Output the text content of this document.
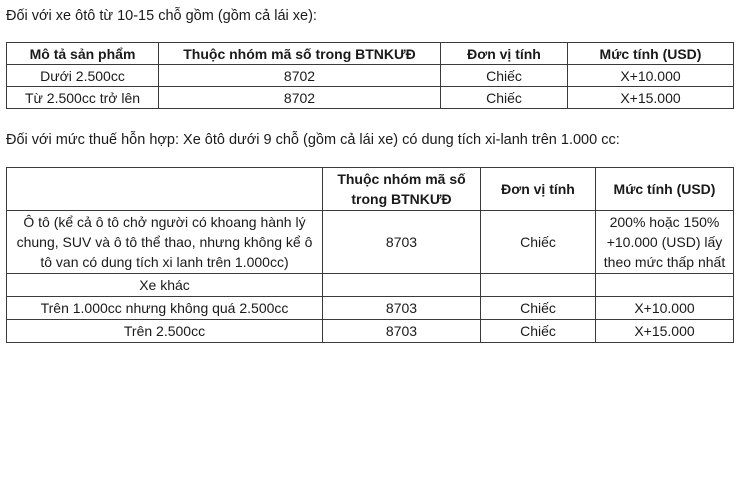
Đối với xe ôtô từ 10-15 chỗ gồm (gồm cả lái xe):
Mô tả sản phẩm	Thuộc nhóm mã số trong BTNKƯĐ	Đơn vị tính	Mức tính (USD)
Dưới 2.500cc	8702	Chiếc	X+10.000
Từ 2.500cc trở lên	8702	Chiếc	X+15.000
Đối với mức thuế hỗn hợp: Xe ôtô dưới 9 chỗ (gồm cả lái xe) có dung tích xi-lanh trên 1.000 cc:
	Thuộc nhóm mã số trong BTNKƯĐ	Đơn vị tính	Mức tính (USD)
Ô tô (kể cả ô tô chở người có khoang hành lý chung, SUV và ô tô thể thao, nhưng không kể ô tô van có dung tích xi lanh trên 1.000cc)	8703	Chiếc	200% hoặc 150% +10.000 (USD) lấy theo mức thấp nhất
Xe khác			
Trên 1.000cc nhưng không quá 2.500cc	8703	Chiếc	X+10.000
Trên 2.500cc	8703	Chiếc	X+15.000
